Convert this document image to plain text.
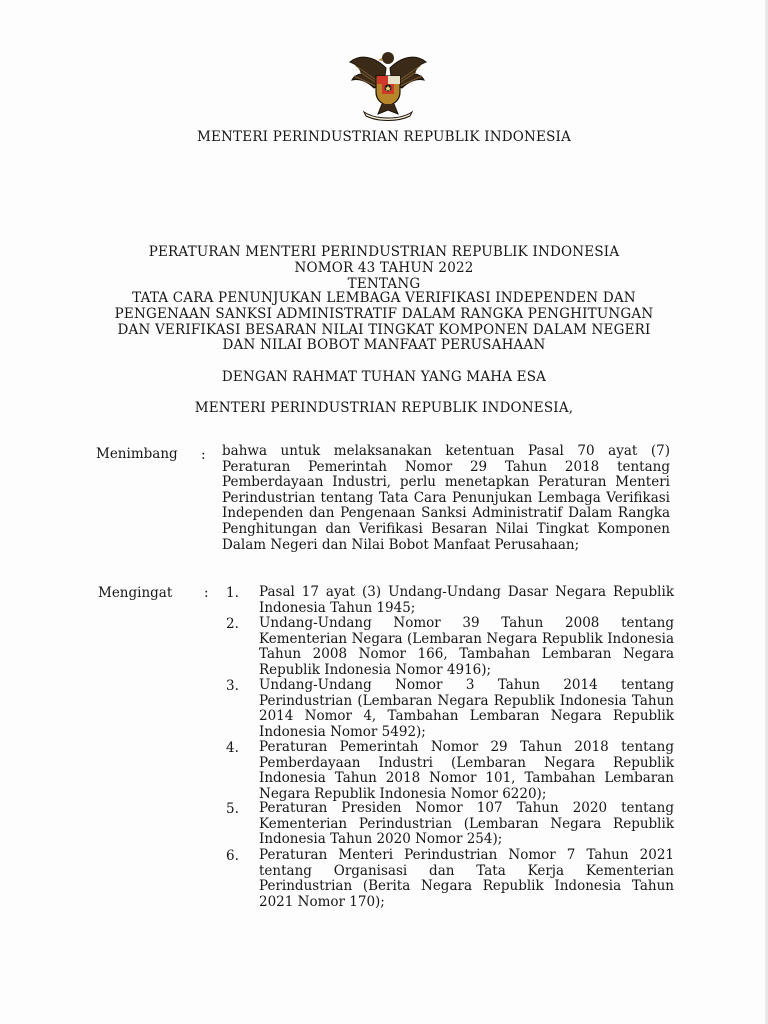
MENTERI PERINDUSTRIAN REPUBLIK INDONESIA
PERATURAN MENTERI PERINDUSTRIAN REPUBLIK INDONESIA
NOMOR 43 TAHUN 2022
TENTANG
TATA CARA PENUNJUKAN LEMBAGA VERIFIKASI INDEPENDEN DAN
PENGENAAN SANKSI ADMINISTRATIF DALAM RANGKA PENGHITUNGAN
DAN VERIFIKASI BESARAN NILAI TINGKAT KOMPONEN DALAM NEGERI
DAN NILAI BOBOT MANFAAT PERUSAHAAN
DENGAN RAHMAT TUHAN YANG MAHA ESA
MENTERI PERINDUSTRIAN REPUBLIK INDONESIA,
Menimbang : bahwa untuk melaksanakan ketentuan Pasal 70 ayat (7) Peraturan Pemerintah Nomor 29 Tahun 2018 tentang Pemberdayaan Industri, perlu menetapkan Peraturan Menteri Perindustrian tentang Tata Cara Penunjukan Lembaga Verifikasi Independen dan Pengenaan Sanksi Administratif Dalam Rangka Penghitungan dan Verifikasi Besaran Nilai Tingkat Komponen Dalam Negeri dan Nilai Bobot Manfaat Perusahaan;
Mengingat : 1. Pasal 17 ayat (3) Undang-Undang Dasar Negara Republik Indonesia Tahun 1945;
2. Undang-Undang Nomor 39 Tahun 2008 tentang Kementerian Negara (Lembaran Negara Republik Indonesia Tahun 2008 Nomor 166, Tambahan Lembaran Negara Republik Indonesia Nomor 4916);
3. Undang-Undang Nomor 3 Tahun 2014 tentang Perindustrian (Lembaran Negara Republik Indonesia Tahun 2014 Nomor 4, Tambahan Lembaran Negara Republik Indonesia Nomor 5492);
4. Peraturan Pemerintah Nomor 29 Tahun 2018 tentang Pemberdayaan Industri (Lembaran Negara Republik Indonesia Tahun 2018 Nomor 101, Tambahan Lembaran Negara Republik Indonesia Nomor 6220);
5. Peraturan Presiden Nomor 107 Tahun 2020 tentang Kementerian Perindustrian (Lembaran Negara Republik Indonesia Tahun 2020 Nomor 254);
6. Peraturan Menteri Perindustrian Nomor 7 Tahun 2021 tentang Organisasi dan Tata Kerja Kementerian Perindustrian (Berita Negara Republik Indonesia Tahun 2021 Nomor 170);
